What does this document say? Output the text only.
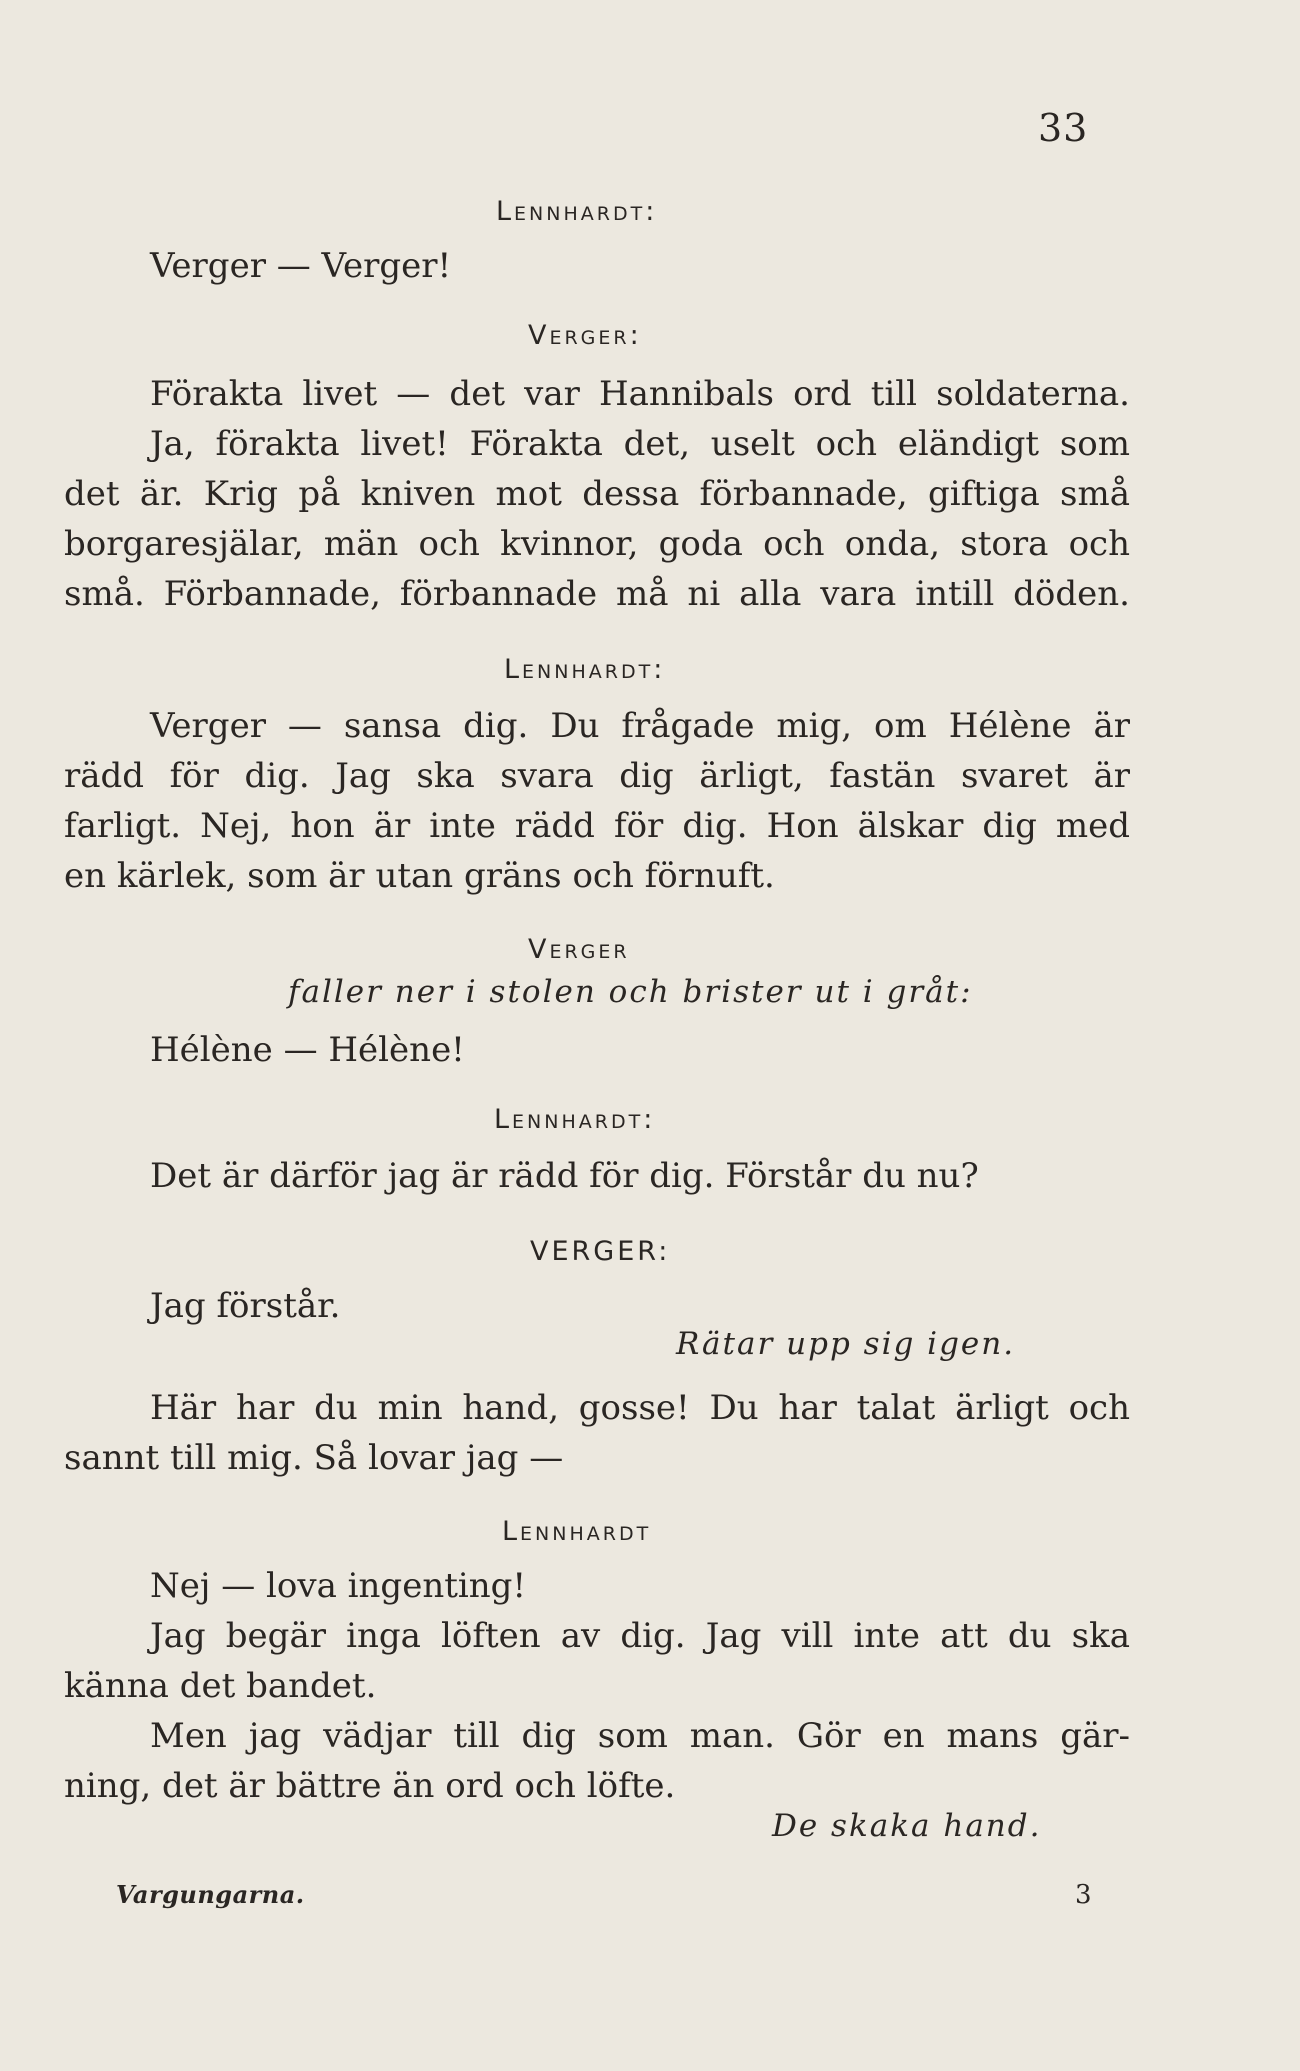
33
Lennhardt:
Verger — Verger!
Verger:
Förakta livet — det var Hannibals ord till soldaterna.
Ja, förakta livet! Förakta det, uselt och eländigt som
det är. Krig på kniven mot dessa förbannade, giftiga små
borgaresjälar, män och kvinnor, goda och onda, stora och
små. Förbannade, förbannade må ni alla vara intill döden.
Lennhardt:
Verger — sansa dig. Du frågade mig, om Hélène är
rädd för dig. Jag ska svara dig ärligt, fastän svaret är
farligt. Nej, hon är inte rädd för dig. Hon älskar dig med
en kärlek, som är utan gräns och förnuft.
Verger
faller ner i stolen och brister ut i gråt:
Hélène — Hélène!
Lennhardt:
Det är därför jag är rädd för dig. Förstår du nu?
VERGER:
Jag förstår.
Rätar upp sig igen.
Här har du min hand, gosse! Du har talat ärligt och
sannt till mig. Så lovar jag —
Lennhardt
Nej — lova ingenting!
Jag begär inga löften av dig. Jag vill inte att du ska
känna det bandet.
Men jag vädjar till dig som man. Gör en mans gär-
ning, det är bättre än ord och löfte.
De skaka hand.
Vargungarna.	3
